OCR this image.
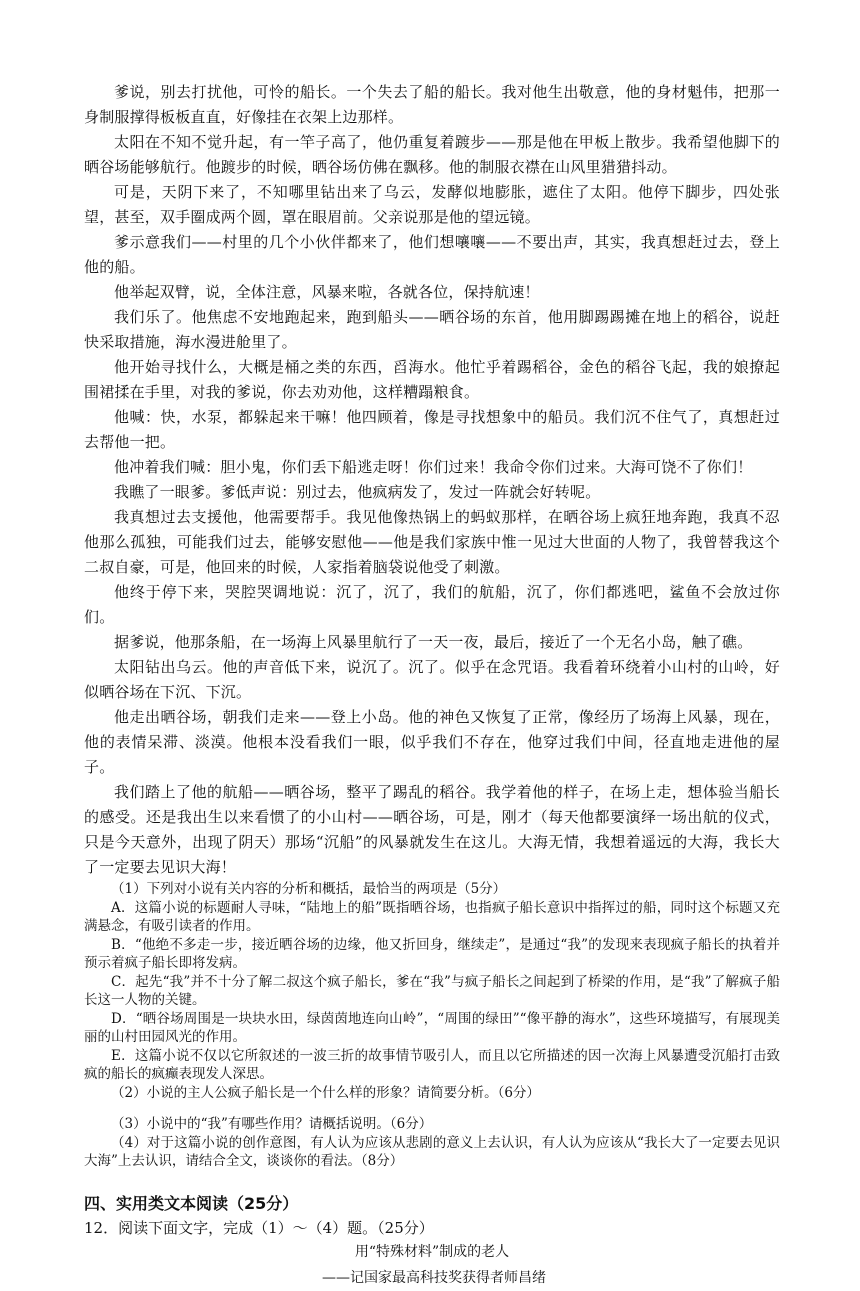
爹说，别去打扰他，可怜的船长。一个失去了船的船长。我对他生出敬意，他的身材魁伟，把那一身制服撑得板板直直，好像挂在衣架上边那样。

太阳在不知不觉升起，有一竿子高了，他仍重复着踱步——那是他在甲板上散步。我希望他脚下的晒谷场能够航行。他踱步的时候，晒谷场仿佛在飘移。他的制服衣襟在山风里猎猎抖动。

可是，天阴下来了，不知哪里钻出来了乌云，发酵似地膨胀，遮住了太阳。他停下脚步，四处张望，甚至，双手圈成两个圆，罩在眼眉前。父亲说那是他的望远镜。

爹示意我们——村里的几个小伙伴都来了，他们想嚷嚷——不要出声，其实，我真想赶过去，登上他的船。

他举起双臂，说，全体注意，风暴来啦，各就各位，保持航速！

我们乐了。他焦虑不安地跑起来，跑到船头——晒谷场的东首，他用脚踢踢摊在地上的稻谷，说赶快采取措施，海水漫进舱里了。

他开始寻找什么，大概是桶之类的东西，舀海水。他忙乎着踢稻谷，金色的稻谷飞起，我的娘撩起围裙揉在手里，对我的爹说，你去劝劝他，这样糟蹋粮食。

他喊：快，水泵，都躲起来干嘛！他四顾着，像是寻找想象中的船员。我们沉不住气了，真想赶过去帮他一把。

他冲着我们喊：胆小鬼，你们丢下船逃走呀！你们过来！我命令你们过来。大海可饶不了你们！

我瞧了一眼爹。爹低声说：别过去，他疯病发了，发过一阵就会好转呢。

我真想过去支援他，他需要帮手。我见他像热锅上的蚂蚁那样，在晒谷场上疯狂地奔跑，我真不忍他那么孤独，可能我们过去，能够安慰他——他是我们家族中惟一见过大世面的人物了，我曾替我这个二叔自豪，可是，他回来的时候，人家指着脑袋说他受了刺激。

他终于停下来，哭腔哭调地说：沉了，沉了，我们的航船，沉了，你们都逃吧，鲨鱼不会放过你们。

据爹说，他那条船，在一场海上风暴里航行了一天一夜，最后，接近了一个无名小岛，触了礁。

太阳钻出乌云。他的声音低下来，说沉了。沉了。似乎在念咒语。我看着环绕着小山村的山岭，好似晒谷场在下沉、下沉。

他走出晒谷场，朝我们走来——登上小岛。他的神色又恢复了正常，像经历了场海上风暴，现在，他的表情呆滞、淡漠。他根本没看我们一眼，似乎我们不存在，他穿过我们中间，径直地走进他的屋子。

我们踏上了他的航船——晒谷场，整平了踢乱的稻谷。我学着他的样子，在场上走，想体验当船长的感受。还是我出生以来看惯了的小山村——晒谷场，可是，刚才（每天他都要演绎一场出航的仪式，只是今天意外，出现了阴天）那场“沉船”的风暴就发生在这儿。大海无情，我想着遥远的大海，我长大了一定要去见识大海！

（1）下列对小说有关内容的分析和概括，最恰当的两项是（5分）

A．这篇小说的标题耐人寻味，“陆地上的船”既指晒谷场，也指疯子船长意识中指挥过的船，同时这个标题又充满悬念，有吸引读者的作用。

B．“他绝不多走一步，接近晒谷场的边缘，他又折回身，继续走”，是通过“我”的发现来表现疯子船长的执着并预示着疯子船长即将发病。

C．起先“我”并不十分了解二叔这个疯子船长，爹在“我”与疯子船长之间起到了桥梁的作用，是“我”了解疯子船长这一人物的关键。

D．“晒谷场周围是一块块水田，绿茵茵地连向山岭”，“周围的绿田”“像平静的海水”，这些环境描写，有展现美丽的山村田园风光的作用。

E．这篇小说不仅以它所叙述的一波三折的故事情节吸引人，而且以它所描述的因一次海上风暴遭受沉船打击致疯的船长的疯癫表现发人深思。

（2）小说的主人公疯子船长是一个什么样的形象？请简要分析。（6分）

（3）小说中的“我”有哪些作用？请概括说明。（6分）

（4）对于这篇小说的创作意图，有人认为应该从悲剧的意义上去认识，有人认为应该从“我长大了一定要去见识大海”上去认识，请结合全文，谈谈你的看法。（8分）

四、实用类文本阅读（25分）

12．阅读下面文字，完成（1）～（4）题。（25分）

用“特殊材料”制成的老人

——记国家最高科技奖获得者师昌绪
